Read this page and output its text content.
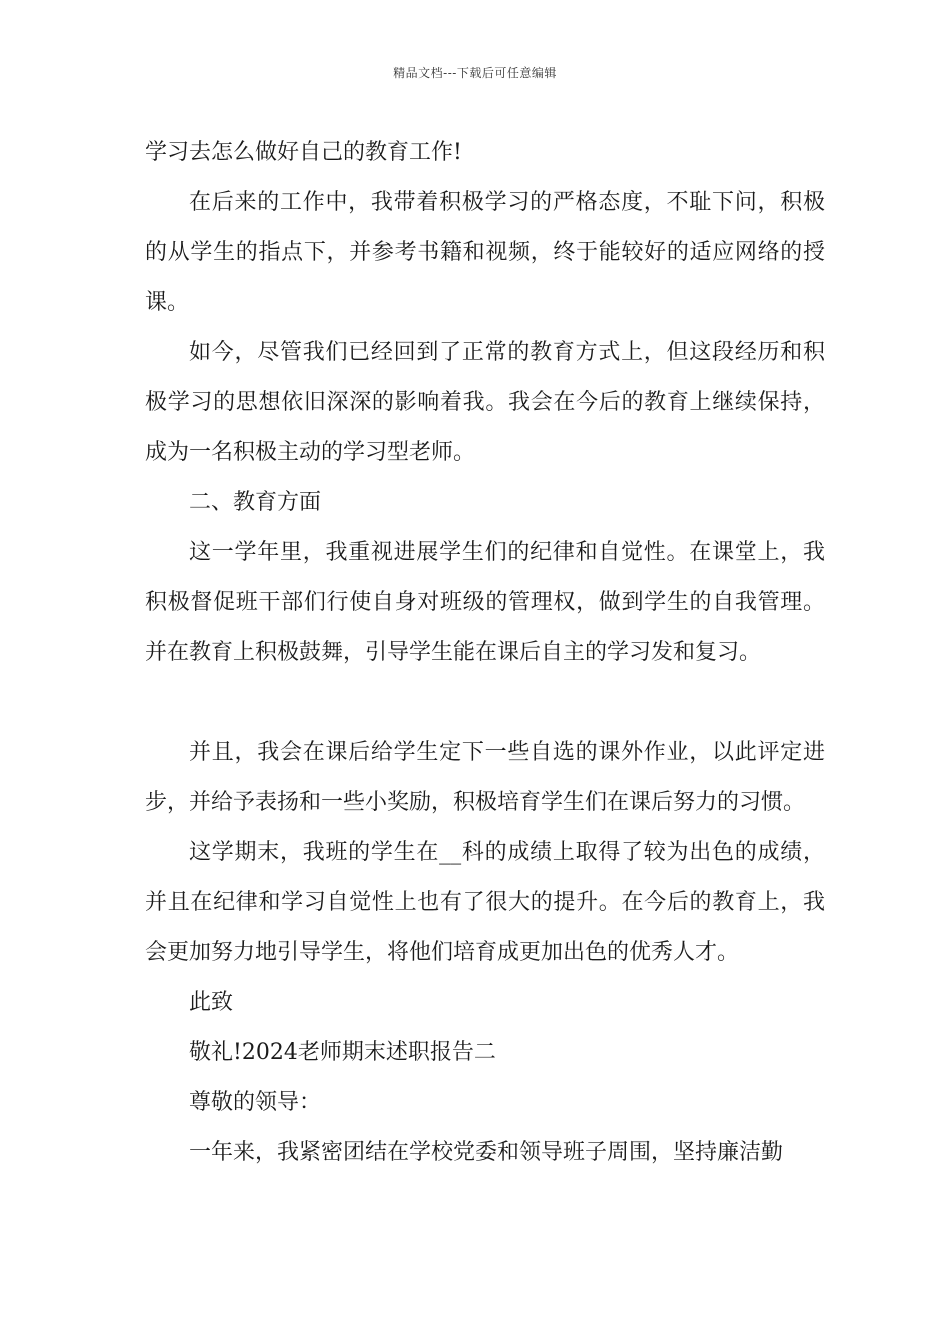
精品文档---下载后可任意编辑

学习去怎么做好自己的教育工作!

在后来的工作中，我带着积极学习的严格态度，不耻下问，积极的从学生的指点下，并参考书籍和视频，终于能较好的适应网络的授课。

如今，尽管我们已经回到了正常的教育方式上，但这段经历和积极学习的思想依旧深深的影响着我。我会在今后的教育上继续保持，成为一名积极主动的学习型老师。

二、教育方面

这一学年里，我重视进展学生们的纪律和自觉性。在课堂上，我积极督促班干部们行使自身对班级的管理权，做到学生的自我管理。并在教育上积极鼓舞，引导学生能在课后自主的学习发和复习。

并且，我会在课后给学生定下一些自选的课外作业，以此评定进步，并给予表扬和一些小奖励，积极培育学生们在课后努力的习惯。

这学期末，我班的学生在__科的成绩上取得了较为出色的成绩，并且在纪律和学习自觉性上也有了很大的提升。在今后的教育上，我会更加努力地引导学生，将他们培育成更加出色的优秀人才。

此致

敬礼!2024老师期末述职报告二

尊敬的领导：

一年来，我紧密团结在学校党委和领导班子周围，坚持廉洁勤
